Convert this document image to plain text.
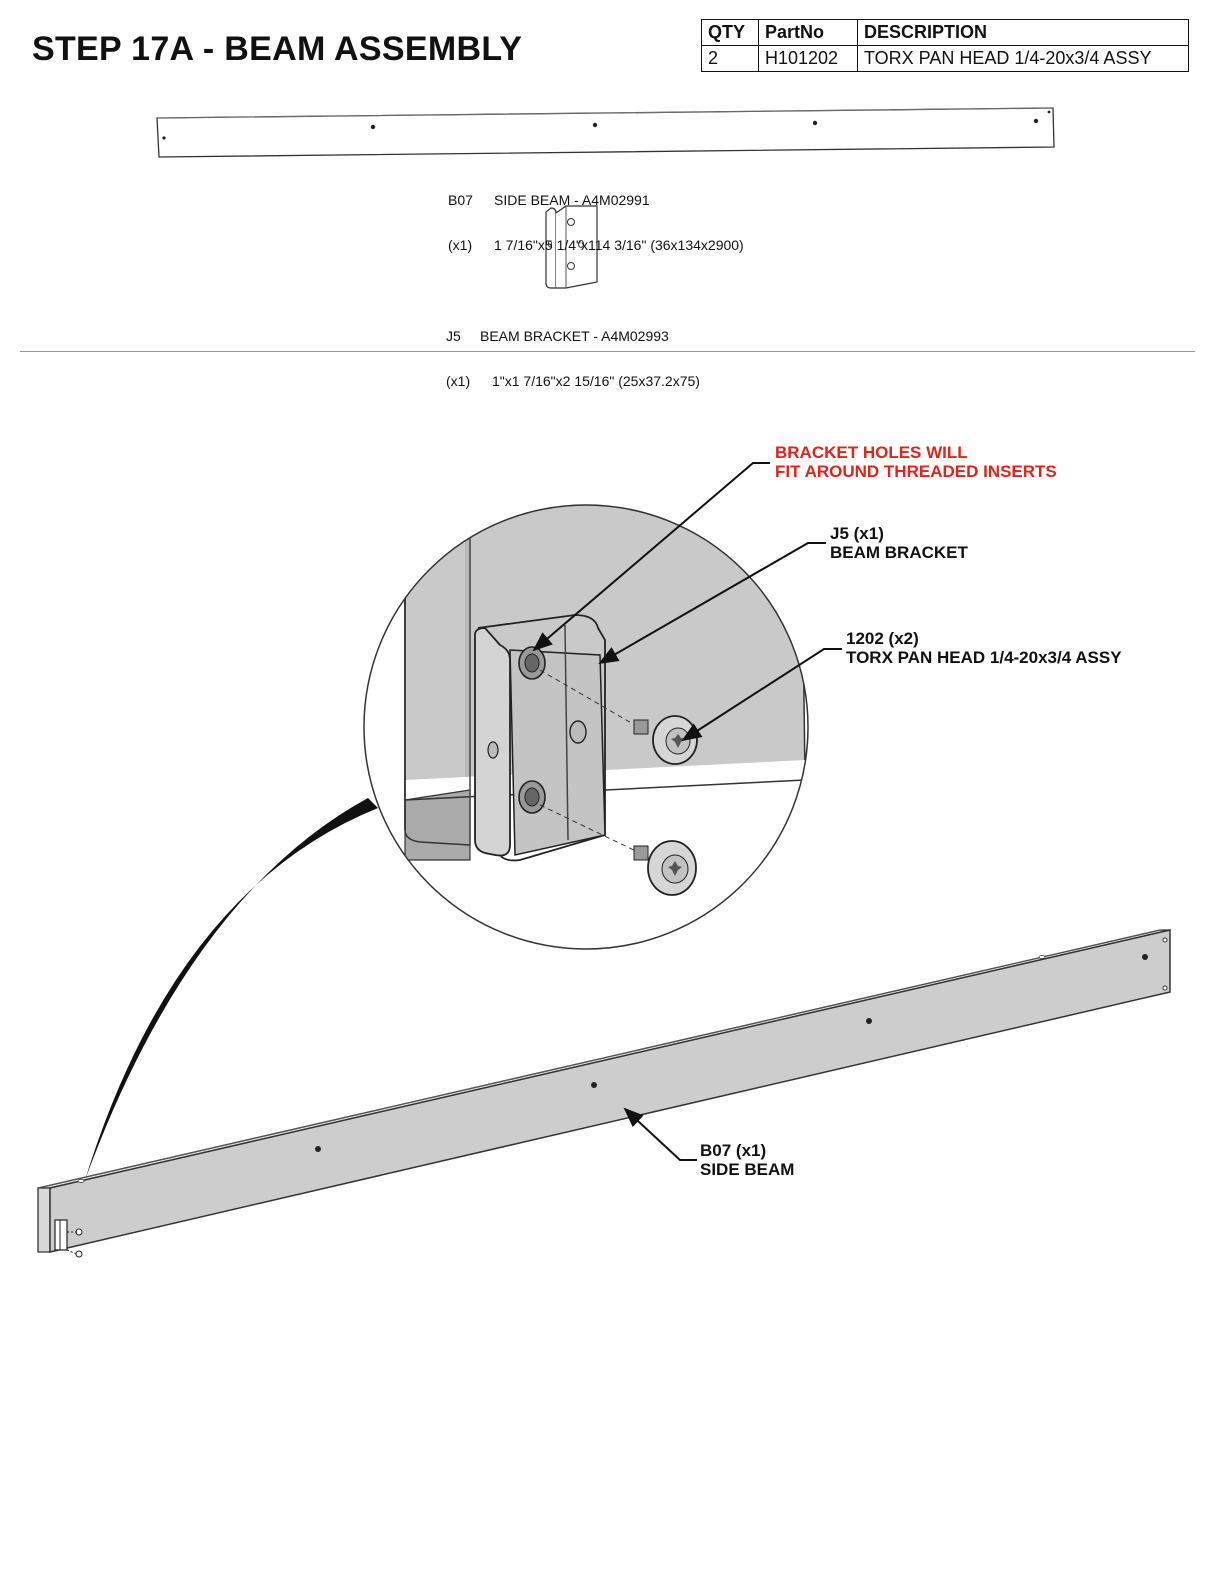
STEP 17A - BEAM ASSEMBLY	QTY	PartNo	DESCRIPTION
2	H101202	TORX PAN HEAD 1/4-20x3/4 ASSY

B07 SIDE BEAM - A4M02991

(x1) 1 7/16"x5 1/4"x114 3/16" (36x134x2900)

J5 BEAM BRACKET - A4M02993

(x1) 1"x1 7/16"x2 15/16" (25x37.2x75)

BRACKET HOLES WILL
FIT AROUND THREADED INSERTS
J5 (x1)
BEAM BRACKET
1202 (x2)
TORX PAN HEAD 1/4-20x3/4 ASSY
B07 (x1)
SIDE BEAM
